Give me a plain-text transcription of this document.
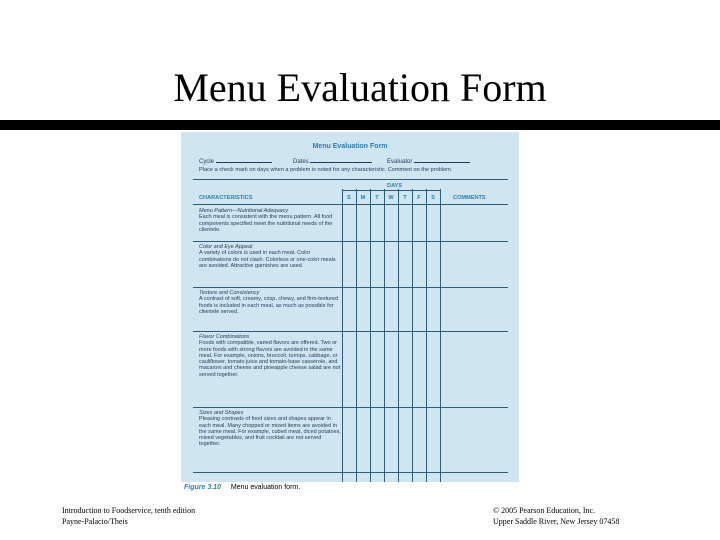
Menu Evaluation Form
Menu Evaluation Form
Cycle	Dates	Evaluator
Place a check mark on days when a problem is noted for any characteristic. Comment on the problem.
DAYS
CHARACTERISTICS	S	M	T	W	T	F	S	COMMENTS
Menu Pattern—Nutritional Adequacy
Each meal is consistent with the menu pattern. All food components specified meet the nutritional needs of the clientele.
Color and Eye Appeal
A variety of colors is used in each meal. Color combinations do not clash. Colorless or one-color meals are avoided. Attractive garnishes are used.
Texture and Consistency
A contrast of soft, creamy, crisp, chewy, and firm-textured foods is included in each meal, as much as possible for clientele served.
Flavor Combinations
Foods with compatible, varied flavors are offered. Two or more foods with strong flavors are avoided in the same meal. For example, onions, broccoli, turnips, cabbage, or cauliflower, tomato juice and tomato-base casserole, and macaroni and cheese and pineapple cheese salad are not served together.
Sizes and Shapes
Pleasing contrasts of food sizes and shapes appear in each meal. Many chopped or mixed items are avoided in the same meal. For example, cubed meat, diced potatoes, mixed vegetables, and fruit cocktail are not served together.
Figure 3.10 Menu evaluation form.
Introduction to Foodservice, tenth edition
Payne-Palacio/Theis
© 2005 Pearson Education, Inc.
Upper Saddle River, New Jersey 07458
